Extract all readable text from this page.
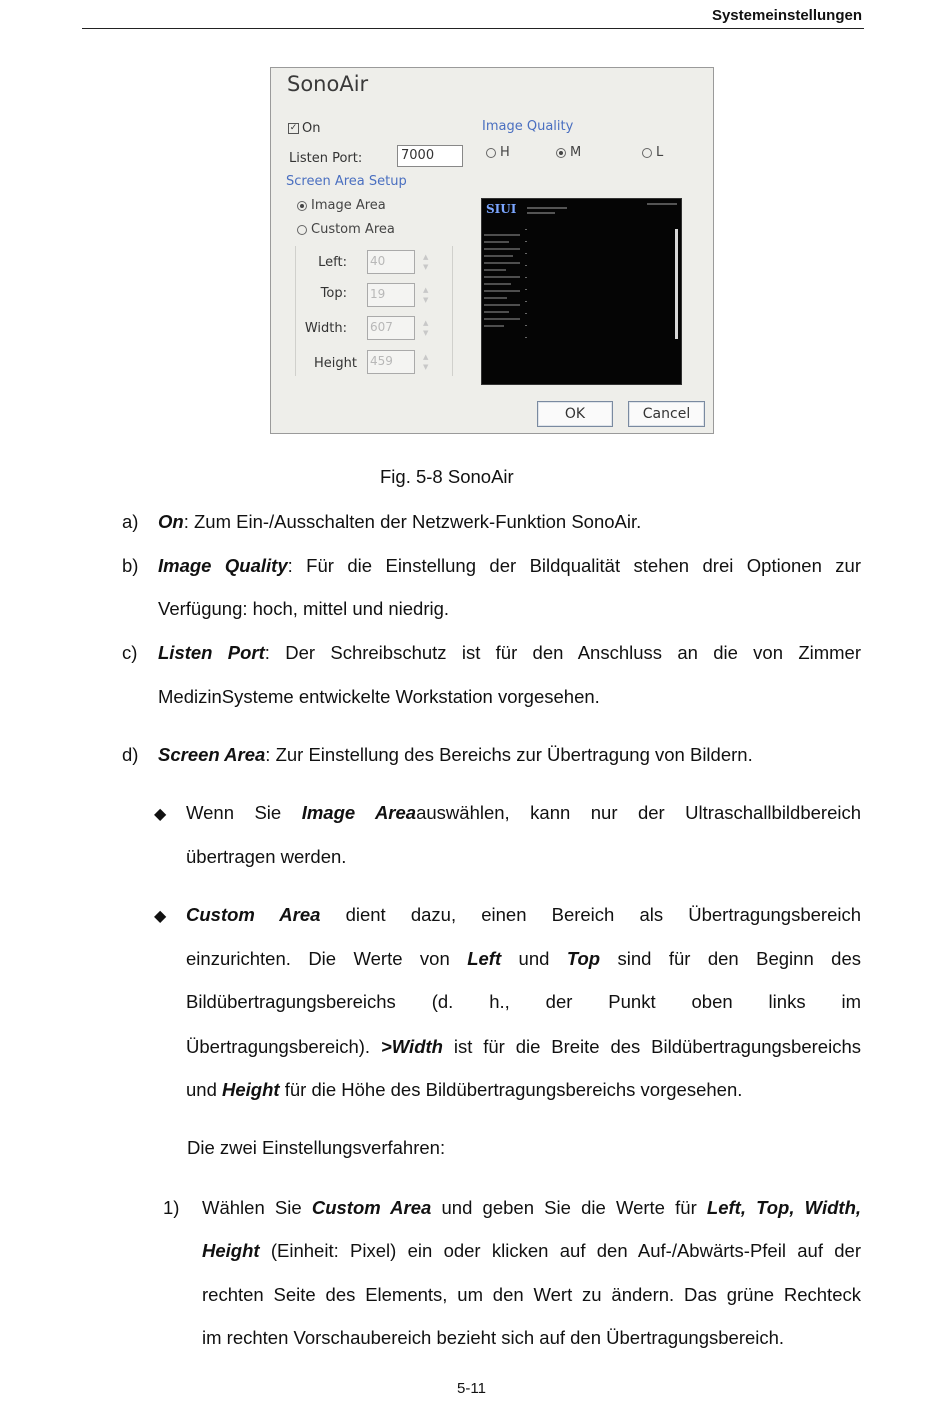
Systemeinstellungen
SonoAir
✓ On
Listen Port:	7000
Image Quality
H	M	L
Screen Area Setup
Image Area
Custom Area
Left: 40	▲
▼
Top: 19	▲
▼
Width: 607	▲
▼
Height 459	▲
▼
SIUI
OK	Cancel
Fig. 5-8 SonoAir
a) On: Zum Ein-/Ausschalten der Netzwerk-Funktion SonoAir.
b) Image Quality: Für die Einstellung der Bildqualität stehen drei Optionen zur
Verfügung: hoch, mittel und niedrig.
c) Listen Port: Der Schreibschutz ist für den Anschluss an die von Zimmer
MedizinSysteme entwickelte Workstation vorgesehen.
d) Screen Area: Zur Einstellung des Bereichs zur Übertragung von Bildern.
◆ Wenn Sie Image Areaauswählen, kann nur der Ultraschallbildbereich
übertragen werden.
◆ Custom Area dient dazu, einen Bereich als Übertragungsbereich
einzurichten. Die Werte von Left und Top sind für den Beginn des
Bildübertragungsbereichs (d. h., der Punkt oben links im
Übertragungsbereich). >Width ist für die Breite des Bildübertragungsbereichs
und Height für die Höhe des Bildübertragungsbereichs vorgesehen.
Die zwei Einstellungsverfahren:
1) Wählen Sie Custom Area und geben Sie die Werte für Left, Top, Width,
Height (Einheit: Pixel) ein oder klicken auf den Auf-/Abwärts-Pfeil auf der
rechten Seite des Elements, um den Wert zu ändern. Das grüne Rechteck
im rechten Vorschaubereich bezieht sich auf den Übertragungsbereich.
5-11
